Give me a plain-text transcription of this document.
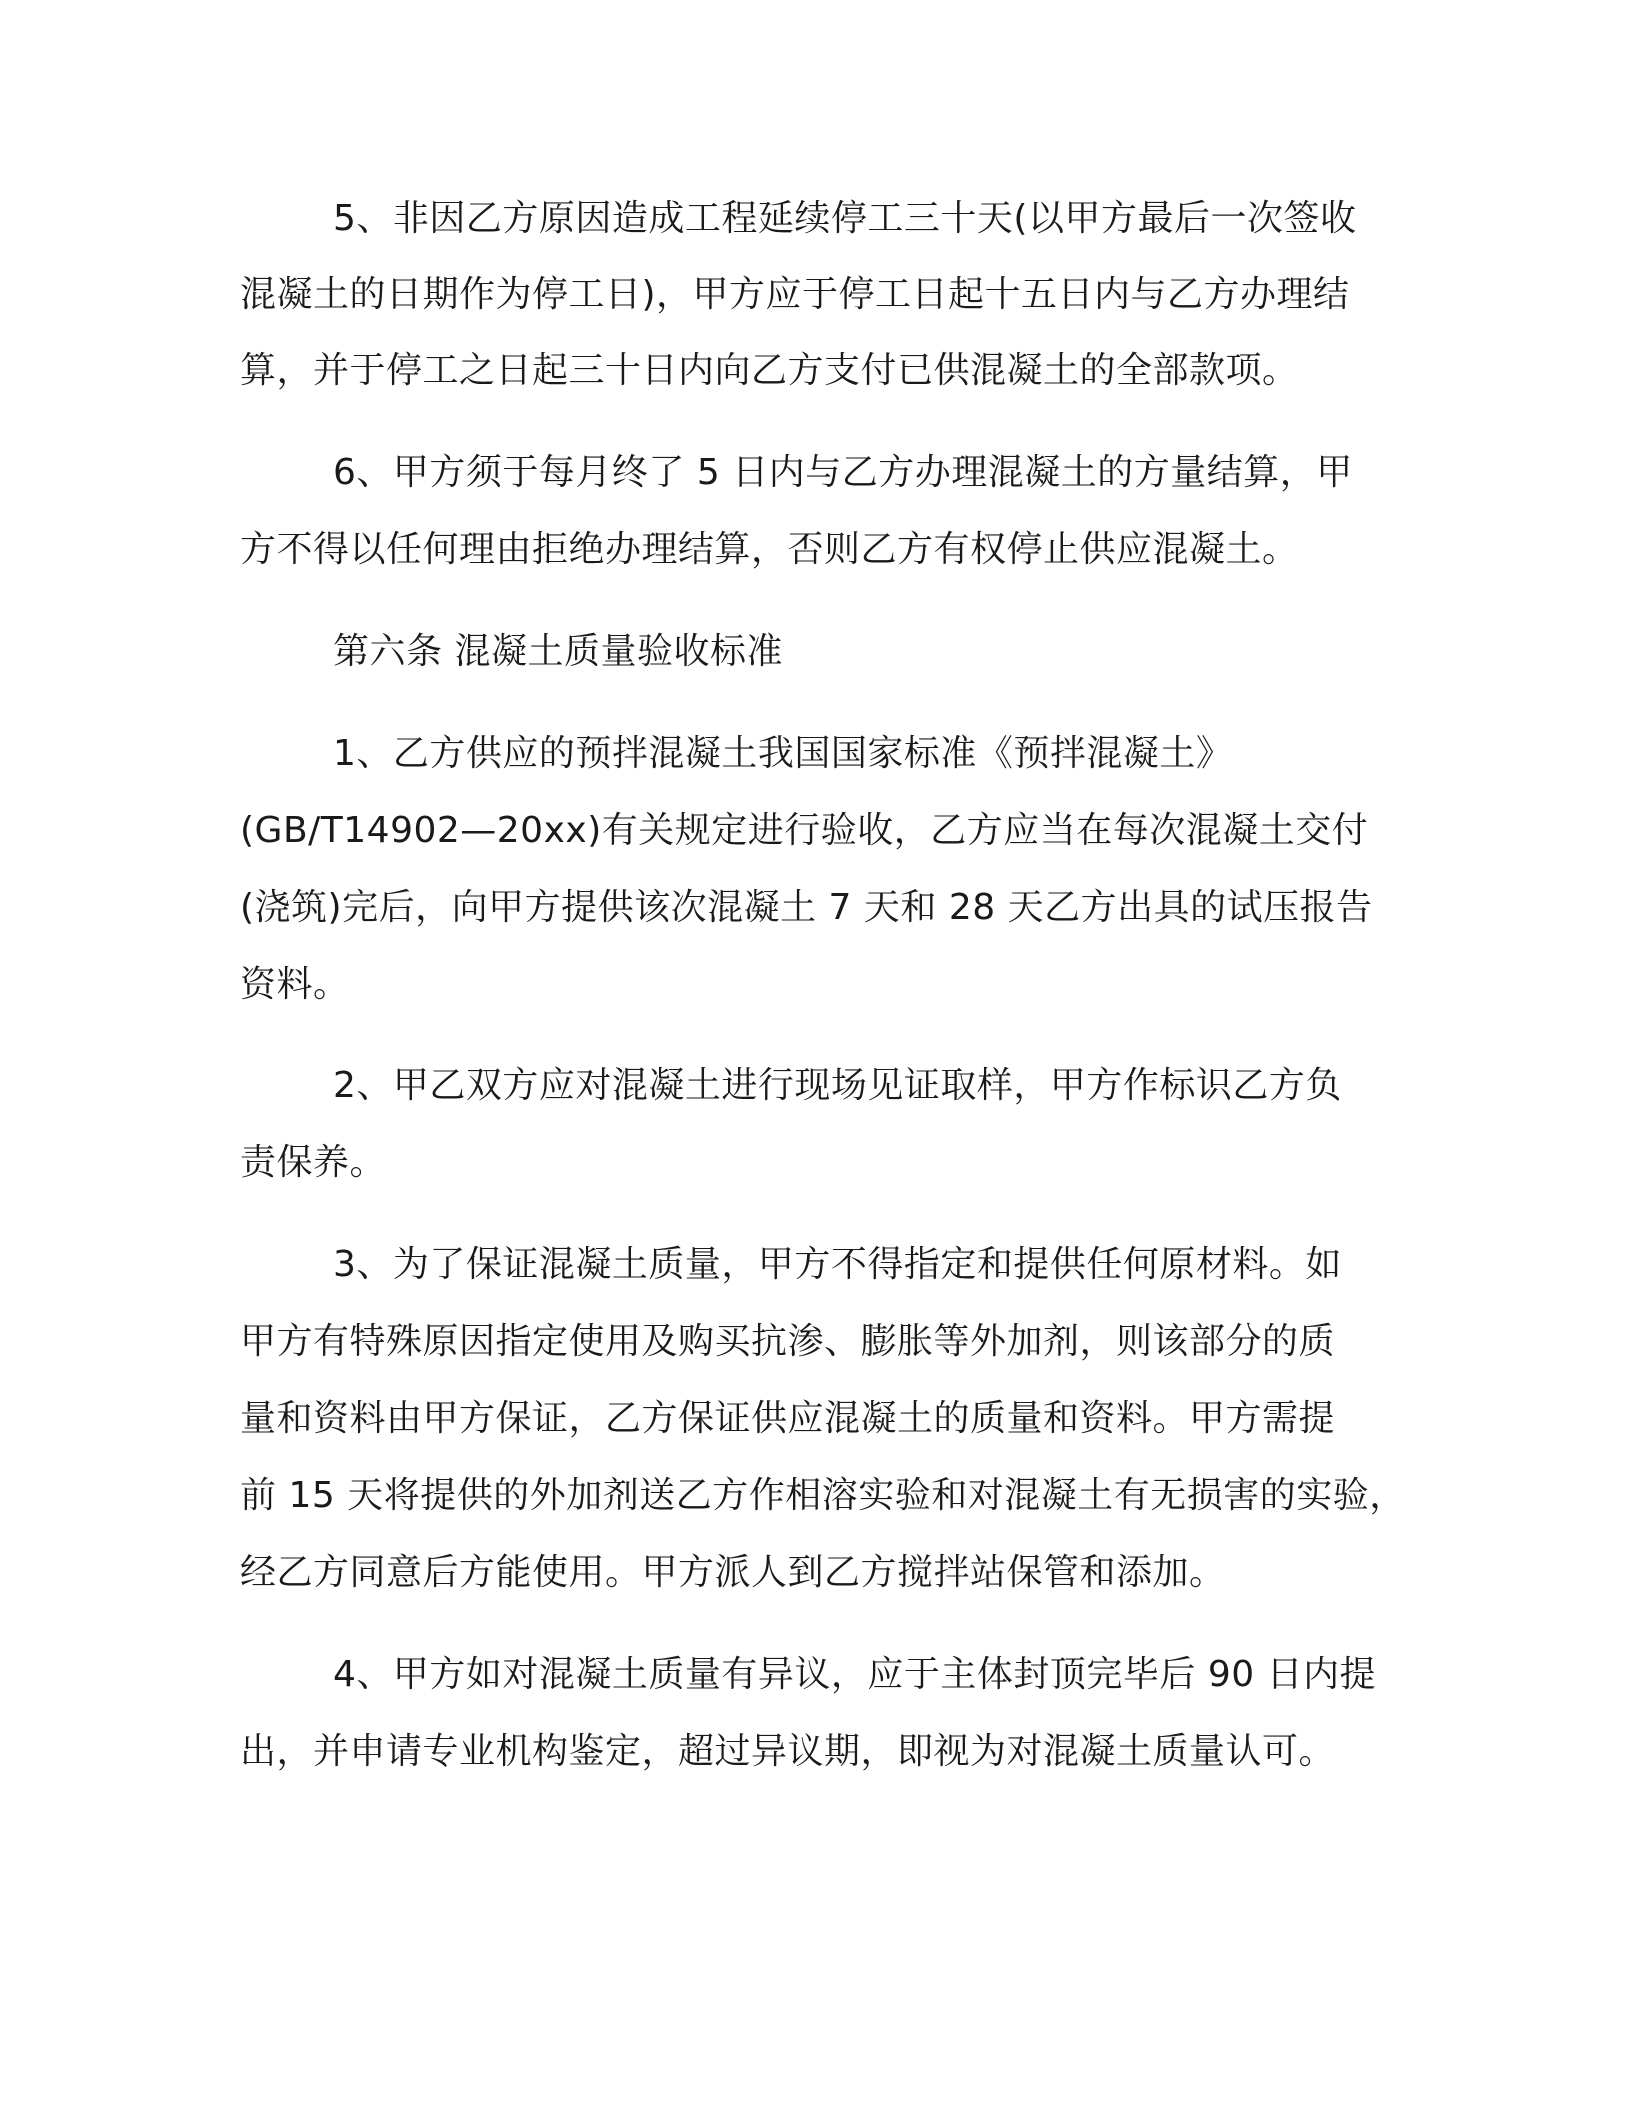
5、非因乙方原因造成工程延续停工三十天(以甲方最后一次签收
混凝土的日期作为停工日)，甲方应于停工日起十五日内与乙方办理结
算，并于停工之日起三十日内向乙方支付已供混凝土的全部款项。
6、甲方须于每月终了 5 日内与乙方办理混凝土的方量结算，甲
方不得以任何理由拒绝办理结算，否则乙方有权停止供应混凝土。
第六条 混凝土质量验收标准
1、乙方供应的预拌混凝土我国国家标准《预拌混凝土》
(GB/T14902—20xx)有关规定进行验收，乙方应当在每次混凝土交付
(浇筑)完后，向甲方提供该次混凝土 7 天和 28 天乙方出具的试压报告
资料。
2、甲乙双方应对混凝土进行现场见证取样，甲方作标识乙方负
责保养。
3、为了保证混凝土质量，甲方不得指定和提供任何原材料。如
甲方有特殊原因指定使用及购买抗渗、膨胀等外加剂，则该部分的质
量和资料由甲方保证，乙方保证供应混凝土的质量和资料。甲方需提
前 15 天将提供的外加剂送乙方作相溶实验和对混凝土有无损害的实验，
经乙方同意后方能使用。甲方派人到乙方搅拌站保管和添加。
4、甲方如对混凝土质量有异议，应于主体封顶完毕后 90 日内提
出，并申请专业机构鉴定，超过异议期，即视为对混凝土质量认可。
